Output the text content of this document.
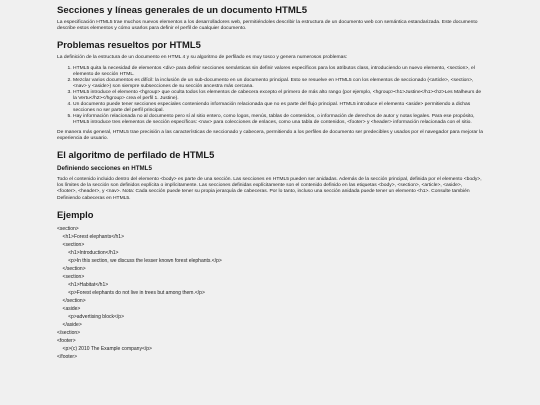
Secciones y líneas generales de un documento HTML5

La especificación HTML5 trae muchos nuevos elementos a los desarrolladores web, permitiéndoles describir la estructura de un documento web con semántica estandarizada. Este documento describe estos elementos y cómo usarlos para definir el perfil de cualquier documento.

Problemas resueltos por HTML5

La definición de la estructura de un documento en HTML 4 y su algoritmo de perfilado es muy tosco y genera numerosos problemas:

1. HTML5 quita la necesidad de elementos <div> para definir secciones semánticas sin definir valores específicos para los atributos class, introduciendo un nuevo elemento, <section>, el elemento de sección HTML.
2. Mezclar varios documentos es difícil: la inclusión de un sub-documento en un documento principal. Esto se resuelve en HTML5 con los elementos de seccionado (<article>, <section>, <nav> y <aside>) son siempre subsecciones de su sección ancestra más cercana.
3. HTML5 introduce el elemento <hgroup> que oculta todos los elementos de cabecera excepto el primero de más alto rango (por ejemplo, <hgroup><h1>Justine</h1><h2>Les Malheurs de la Vertu</h2></hgroup> crea el perfil 1. Justine).
4. Un documento puede tener secciones especiales conteniendo información relacionada que no es parte del flujo principal. HTML5 introduce el elemento <aside> permitiendo a dichas secciones no ser parte del perfil principal.
5. Hay información relacionada no al documento pero sí al sitio entero, como logos, menús, tablas de contenidos, o información de derechos de autor y notas legales. Para ese propósito, HTML5 introduce tres elementos de sección específicos: <nav> para colecciones de enlaces, como una tabla de contenidos, <footer> y <header> información relacionada con el sitio.

De manera más general, HTML5 trae precisión a las características de seccionado y cabecera, permitiendo a los perfiles de documento ser predecibles y usados por el navegador para mejorar la experiencia de usuario.

El algoritmo de perfilado de HTML5
Definiendo secciones en HTML5

Todo el contenido incluido dentro del elemento <body> es parte de una sección. Las secciones en HTML5 pueden ser anidadas. Además de la sección principal, definida por el elemento <body>, los límites de la sección son definidos explícita o implícitamente. Las secciones definidas explícitamente son el contenido definido en las etiquetas <body>, <section>, <article>, <aside>, <footer>, <header>, y <nav>. Nota: Cada sección puede tener su propia jerarquía de cabeceras. Por lo tanto, incluso una sección anidada puede tener un elemento <h1>. Consulte también Definiendo cabeceras en HTML5.

Ejemplo
<section>
<h1>Forest elephants</h1>
<section>
<h1>Introduction</h1>
<p>In this section, we discuss the lesser known forest elephants.</p>
</section>
<section>
<h1>Habitat</h1>
<p>Forest elephants do not live in trees but among them.</p>
</section>
<aside>
<p>advertising block</p>
</aside>
</section>
<footer>
<p>(c) 2010 The Example company</p>
</footer>
